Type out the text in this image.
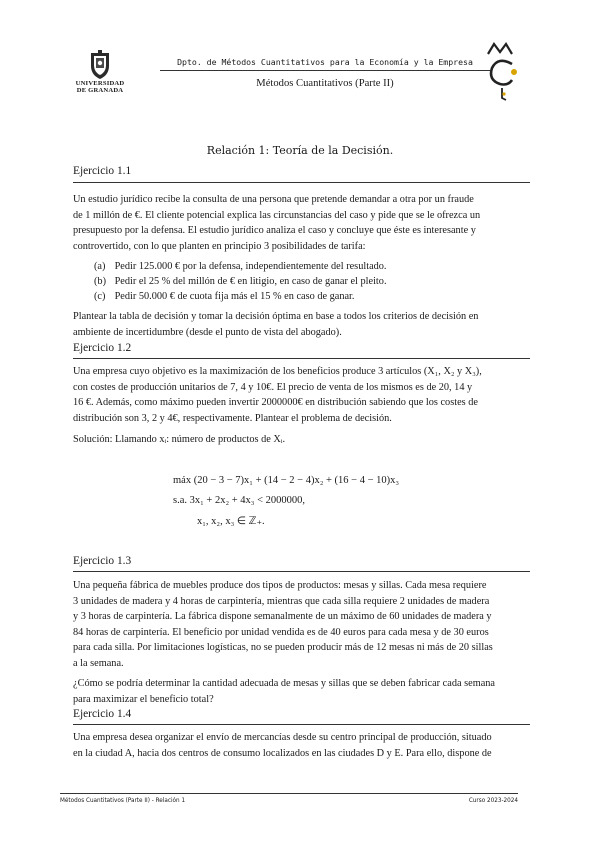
UNIVERSIDAD
DE GRANADA
Dpto. de Métodos Cuantitativos para la Economía y la Empresa
Métodos Cuantitativos (Parte II)
Relación 1: Teoría de la Decisión.
Ejercicio 1.1
Un estudio jurídico recibe la consulta de una persona que pretende demandar a otra por un fraude
de 1 millón de €. El cliente potencial explica las circunstancias del caso y pide que se le ofrezca un
presupuesto por la defensa. El estudio jurídico analiza el caso y concluye que éste es interesante y
controvertido, con lo que planten en principio 3 posibilidades de tarifa:
(a) Pedir 125.000 € por la defensa, independientemente del resultado.
(b) Pedir el 25 % del millón de € en litigio, en caso de ganar el pleito.
(c) Pedir 50.000 € de cuota fija más el 15 % en caso de ganar.
Plantear la tabla de decisión y tomar la decisión óptima en base a todos los criterios de decisión en
ambiente de incertidumbre (desde el punto de vista del abogado).
Ejercicio 1.2
Una empresa cuyo objetivo es la maximización de los beneficios produce 3 artículos (X₁, X₂ y X₃),
con costes de producción unitarios de 7, 4 y 10€. El precio de venta de los mismos es de 20, 14 y
16 €. Además, como máximo pueden invertir 2000000€ en distribución sabiendo que los costes de
distribución son 3, 2 y 4€, respectivamente. Plantear el problema de decisión.
Solución: Llamando xᵢ: número de productos de Xᵢ.
máx (20 − 3 − 7)x₁ + (14 − 2 − 4)x₂ + (16 − 4 − 10)x₃
s.a. 3x₁ + 2x₂ + 4x₃ < 2000000,
x₁, x₂, x₃ ∈ ℤ₊.
Ejercicio 1.3
Una pequeña fábrica de muebles produce dos tipos de productos: mesas y sillas. Cada mesa requiere
3 unidades de madera y 4 horas de carpintería, mientras que cada silla requiere 2 unidades de madera
y 3 horas de carpintería. La fábrica dispone semanalmente de un máximo de 60 unidades de madera y
84 horas de carpintería. El beneficio por unidad vendida es de 40 euros para cada mesa y de 30 euros
para cada silla. Por limitaciones logísticas, no se pueden producir más de 12 mesas ni más de 20 sillas
a la semana.
¿Cómo se podría determinar la cantidad adecuada de mesas y sillas que se deben fabricar cada semana
para maximizar el beneficio total?
Ejercicio 1.4
Una empresa desea organizar el envío de mercancías desde su centro principal de producción, situado
en la ciudad A, hacia dos centros de consumo localizados en las ciudades D y E. Para ello, dispone de
Métodos Cuantitativos (Parte II) - Relación 1	Curso 2023-2024
